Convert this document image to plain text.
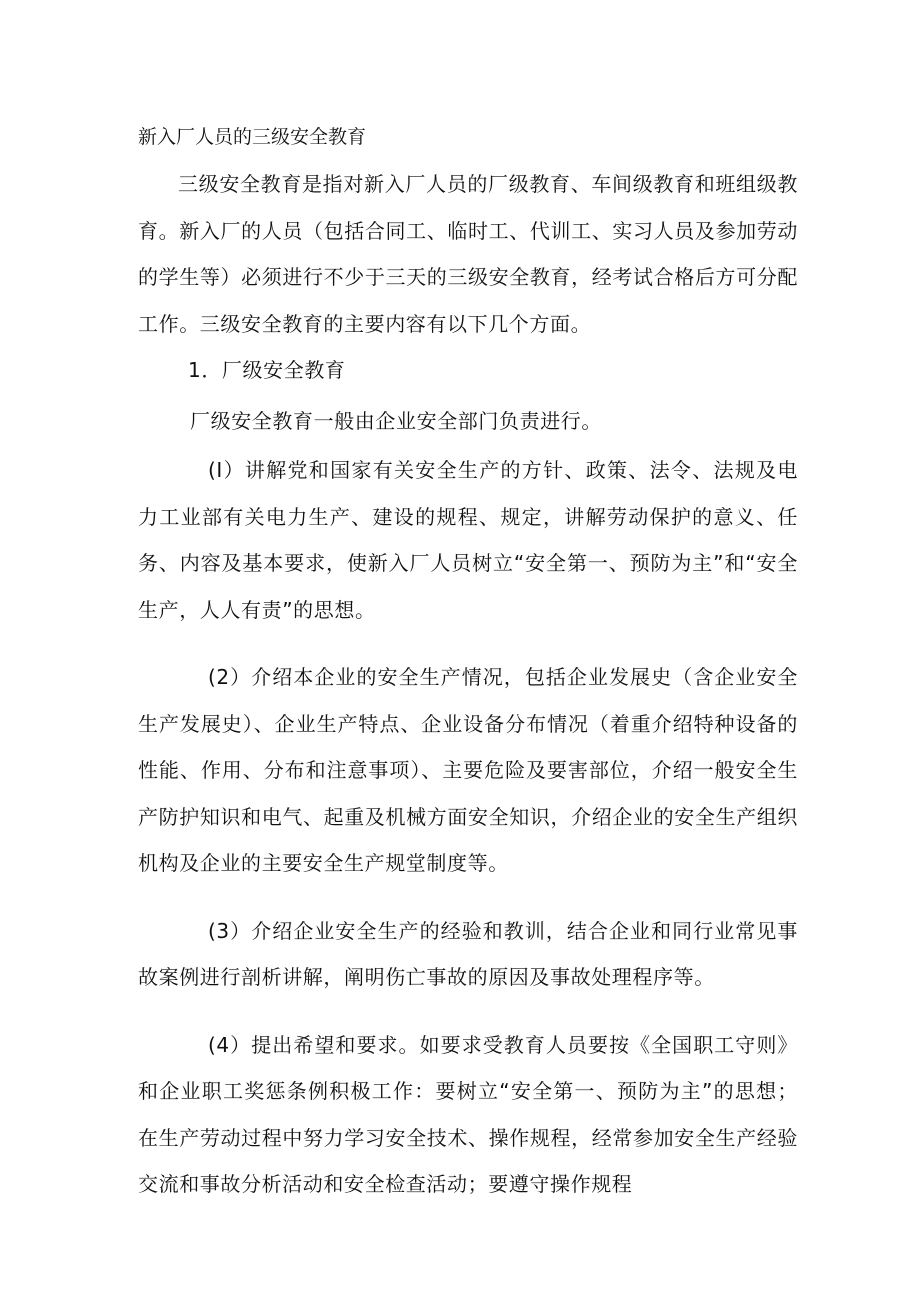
新入厂人员的三级安全教育

三级安全教育是指对新入厂人员的厂级教育、车间级教育和班组级教育。新入厂的人员（包括合同工、临时工、代训工、实习人员及参加劳动的学生等）必须进行不少于三天的三级安全教育，经考试合格后方可分配工作。三级安全教育的主要内容有以下几个方面。

1．厂级安全教育

厂级安全教育一般由企业安全部门负责进行。

(I）讲解党和国家有关安全生产的方针、政策、法令、法规及电力工业部有关电力生产、建设的规程、规定，讲解劳动保护的意义、任务、内容及基本要求，使新入厂人员树立“安全第一、预防为主”和“安全生产，人人有责”的思想。

(2）介绍本企业的安全生产情况，包括企业发展史（含企业安全生产发展史）、企业生产特点、企业设备分布情况（着重介绍特种设备的性能、作用、分布和注意事项）、主要危险及要害部位，介绍一般安全生产防护知识和电气、起重及机械方面安全知识，介绍企业的安全生产组织机构及企业的主要安全生产规堂制度等。

(3）介绍企业安全生产的经验和教训，结合企业和同行业常见事故案例进行剖析讲解，阐明伤亡事故的原因及事故处理程序等。

(4）提出希望和要求。如要求受教育人员要按《全国职工守则》和企业职工奖惩条例积极工作：要树立“安全第一、预防为主”的思想；在生产劳动过程中努力学习安全技术、操作规程，经常参加安全生产经验交流和事故分析活动和安全检查活动；要遵守操作规程
